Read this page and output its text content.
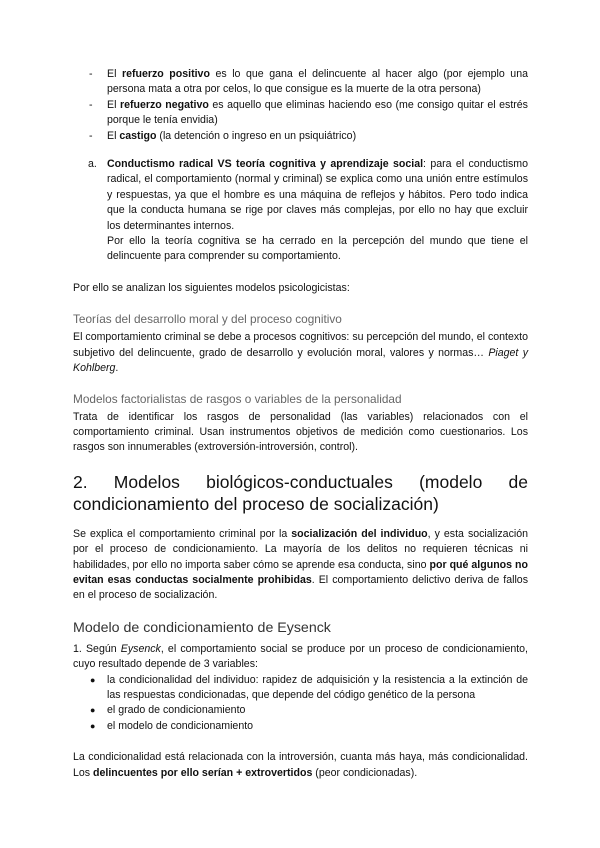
- El refuerzo positivo es lo que gana el delincuente al hacer algo (por ejemplo una persona mata a otra por celos, lo que consigue es la muerte de la otra persona)

- El refuerzo negativo es aquello que eliminas haciendo eso (me consigo quitar el estrés porque le tenía envidia)

- El castigo (la detención o ingreso en un psiquiátrico)

a. Conductismo radical VS teoría cognitiva y aprendizaje social: para el conductismo radical, el comportamiento (normal y criminal) se explica como una unión entre estímulos y respuestas, ya que el hombre es una máquina de reflejos y hábitos. Pero todo indica que la conducta humana se rige por claves más complejas, por ello no hay que excluir los determinantes internos.

Por ello la teoría cognitiva se ha cerrado en la percepción del mundo que tiene el delincuente para comprender su comportamiento.

Por ello se analizan los siguientes modelos psicologicistas:

Teorías del desarrollo moral y del proceso cognitivo

El comportamiento criminal se debe a procesos cognitivos: su percepción del mundo, el contexto subjetivo del delincuente, grado de desarrollo y evolución moral, valores y normas… Piaget y Kohlberg.

Modelos factorialistas de rasgos o variables de la personalidad

Trata de identificar los rasgos de personalidad (las variables) relacionados con el comportamiento criminal. Usan instrumentos objetivos de medición como cuestionarios. Los rasgos son innumerables (extroversión-introversión, control).

2. Modelos biológicos-conductuales (modelo de
condicionamiento del proceso de socialización)

Se explica el comportamiento criminal por la socialización del individuo, y esta socialización por el proceso de condicionamiento. La mayoría de los delitos no requieren técnicas ni habilidades, por ello no importa saber cómo se aprende esa conducta, sino por qué algunos no evitan esas conductas socialmente prohibidas. El comportamiento delictivo deriva de fallos en el proceso de socialización.

Modelo de condicionamiento de Eysenck

1. Según Eysenck, el comportamiento social se produce por un proceso de condicionamiento, cuyo resultado depende de 3 variables:

● la condicionalidad del individuo: rapidez de adquisición y la resistencia a la extinción de las respuestas condicionadas, que depende del código genético de la persona

● el grado de condicionamiento

● el modelo de condicionamiento

La condicionalidad está relacionada con la introversión, cuanta más haya, más condicionalidad. Los delincuentes por ello serían + extrovertidos (peor condicionadas).
